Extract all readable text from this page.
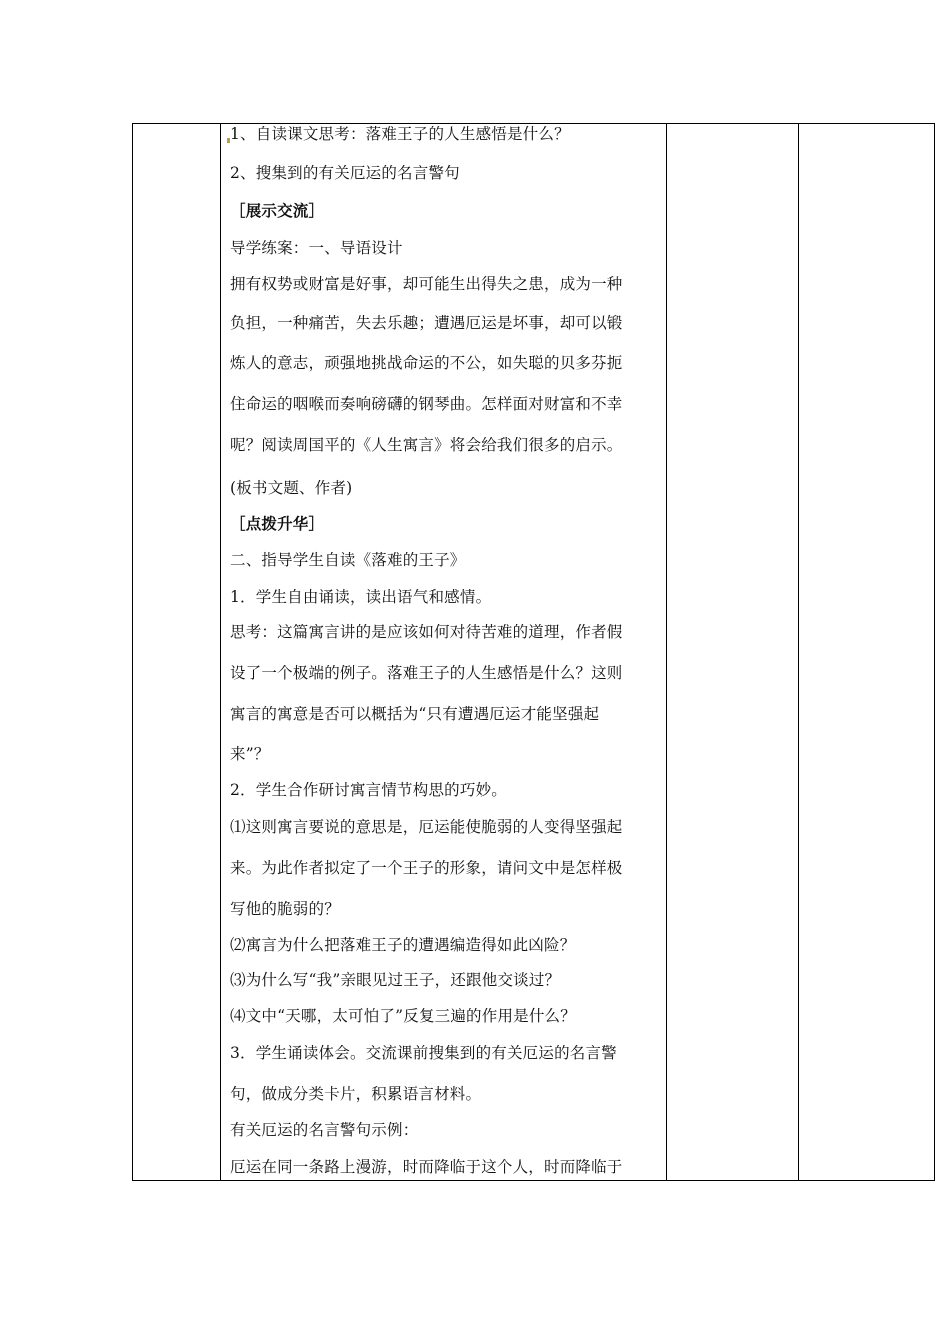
1、自读课文思考：落难王子的人生感悟是什么？
2、搜集到的有关厄运的名言警句
［展示交流］
导学练案：一、导语设计
拥有权势或财富是好事，却可能生出得失之患，成为一种
负担，一种痛苦，失去乐趣；遭遇厄运是坏事，却可以锻
炼人的意志，顽强地挑战命运的不公，如失聪的贝多芬扼
住命运的咽喉而奏响磅礴的钢琴曲。怎样面对财富和不幸
呢？阅读周国平的《人生寓言》将会给我们很多的启示。
(板书文题、作者)
［点拨升华］
二、指导学生自读《落难的王子》
1．学生自由诵读，读出语气和感情。
思考：这篇寓言讲的是应该如何对待苦难的道理，作者假
设了一个极端的例子。落难王子的人生感悟是什么？这则
寓言的寓意是否可以概括为“只有遭遇厄运才能坚强起
来”？
2．学生合作研讨寓言情节构思的巧妙。
⑴这则寓言要说的意思是，厄运能使脆弱的人变得坚强起
来。为此作者拟定了一个王子的形象，请问文中是怎样极
写他的脆弱的？
⑵寓言为什么把落难王子的遭遇编造得如此凶险？
⑶为什么写“我”亲眼见过王子，还跟他交谈过？
⑷文中“天哪，太可怕了”反复三遍的作用是什么？
3．学生诵读体会。交流课前搜集到的有关厄运的名言警
句，做成分类卡片，积累语言材料。
有关厄运的名言警句示例：
厄运在同一条路上漫游，时而降临于这个人，时而降临于
